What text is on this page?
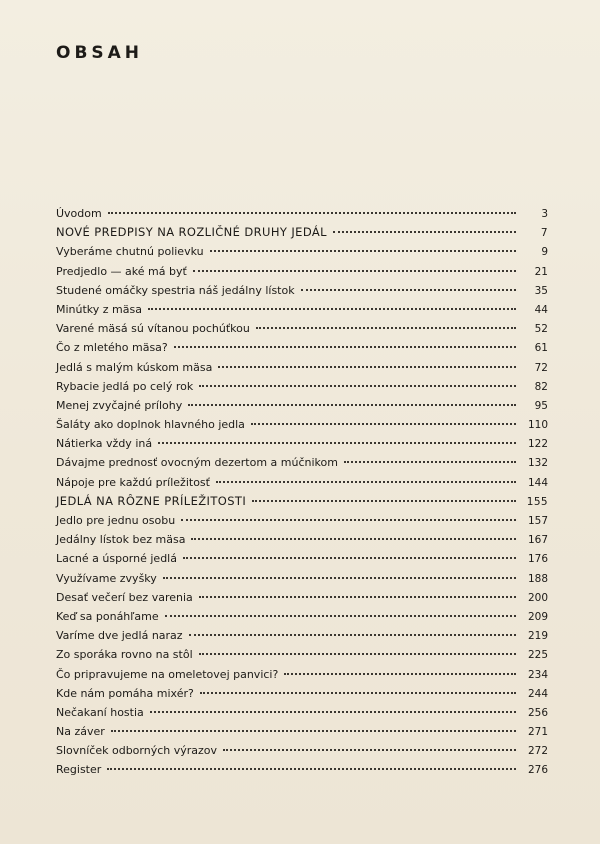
OBSAH
Úvodom	3
NOVÉ PREDPISY NA ROZLIČNÉ DRUHY JEDÁL	7
Vyberáme chutnú polievku	9
Predjedlo — aké má byť	21
Studené omáčky spestria náš jedálny lístok	35
Minútky z mäsa	44
Varené mäsá sú vítanou pochúťkou	52
Čo z mletého mäsa?	61
Jedlá s malým kúskom mäsa	72
Rybacie jedlá po celý rok	82
Menej zvyčajné prílohy	95
Šaláty ako doplnok hlavného jedla	110
Nátierka vždy iná	122
Dávajme prednosť ovocným dezertom a múčnikom	132
Nápoje pre každú príležitosť	144
JEDLÁ NA RÔZNE PRÍLEŽITOSTI	155
Jedlo pre jednu osobu	157
Jedálny lístok bez mäsa	167
Lacné a úsporné jedlá	176
Využívame zvyšky	188
Desať večerí bez varenia	200
Keď sa ponáhľame	209
Varíme dve jedlá naraz	219
Zo sporáka rovno na stôl	225
Čo pripravujeme na omeletovej panvici?	234
Kde nám pomáha mixér?	244
Nečakaní hostia	256
Na záver	271
Slovníček odborných výrazov	272
Register	276
